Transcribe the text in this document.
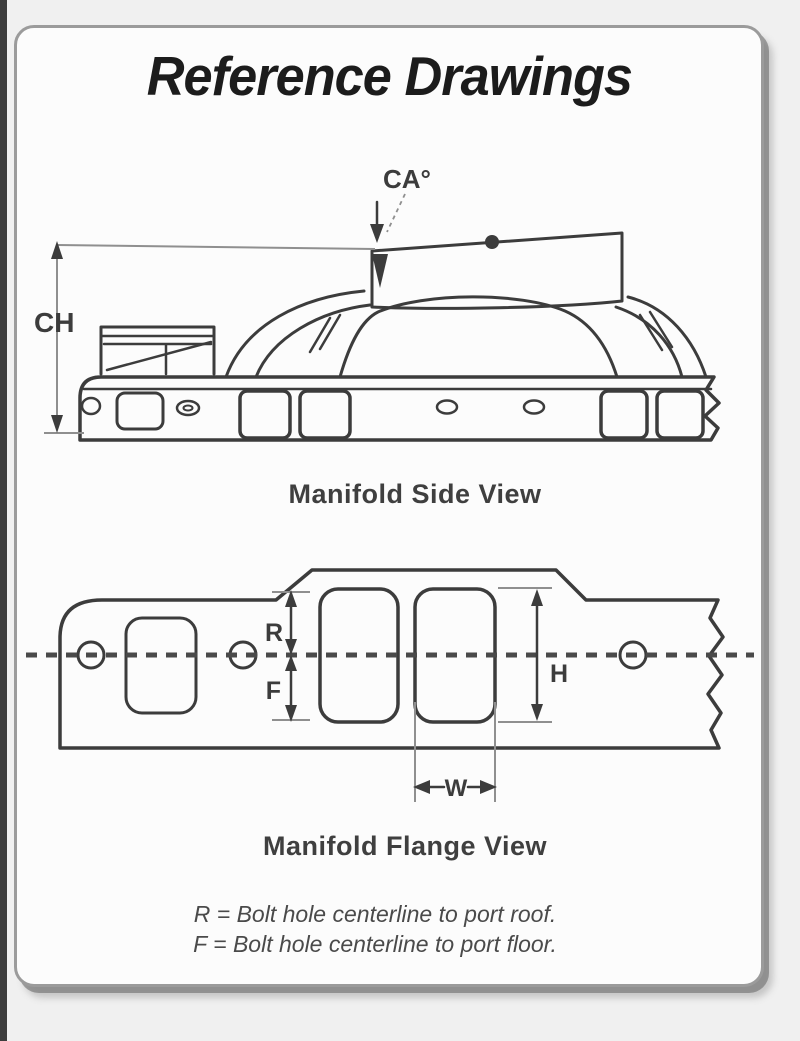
Reference Drawings
CH
CA°
Manifold Side View
R
F
H
W
Manifold Flange View
R = Bolt hole centerline to port roof.
F = Bolt hole centerline to port floor.
